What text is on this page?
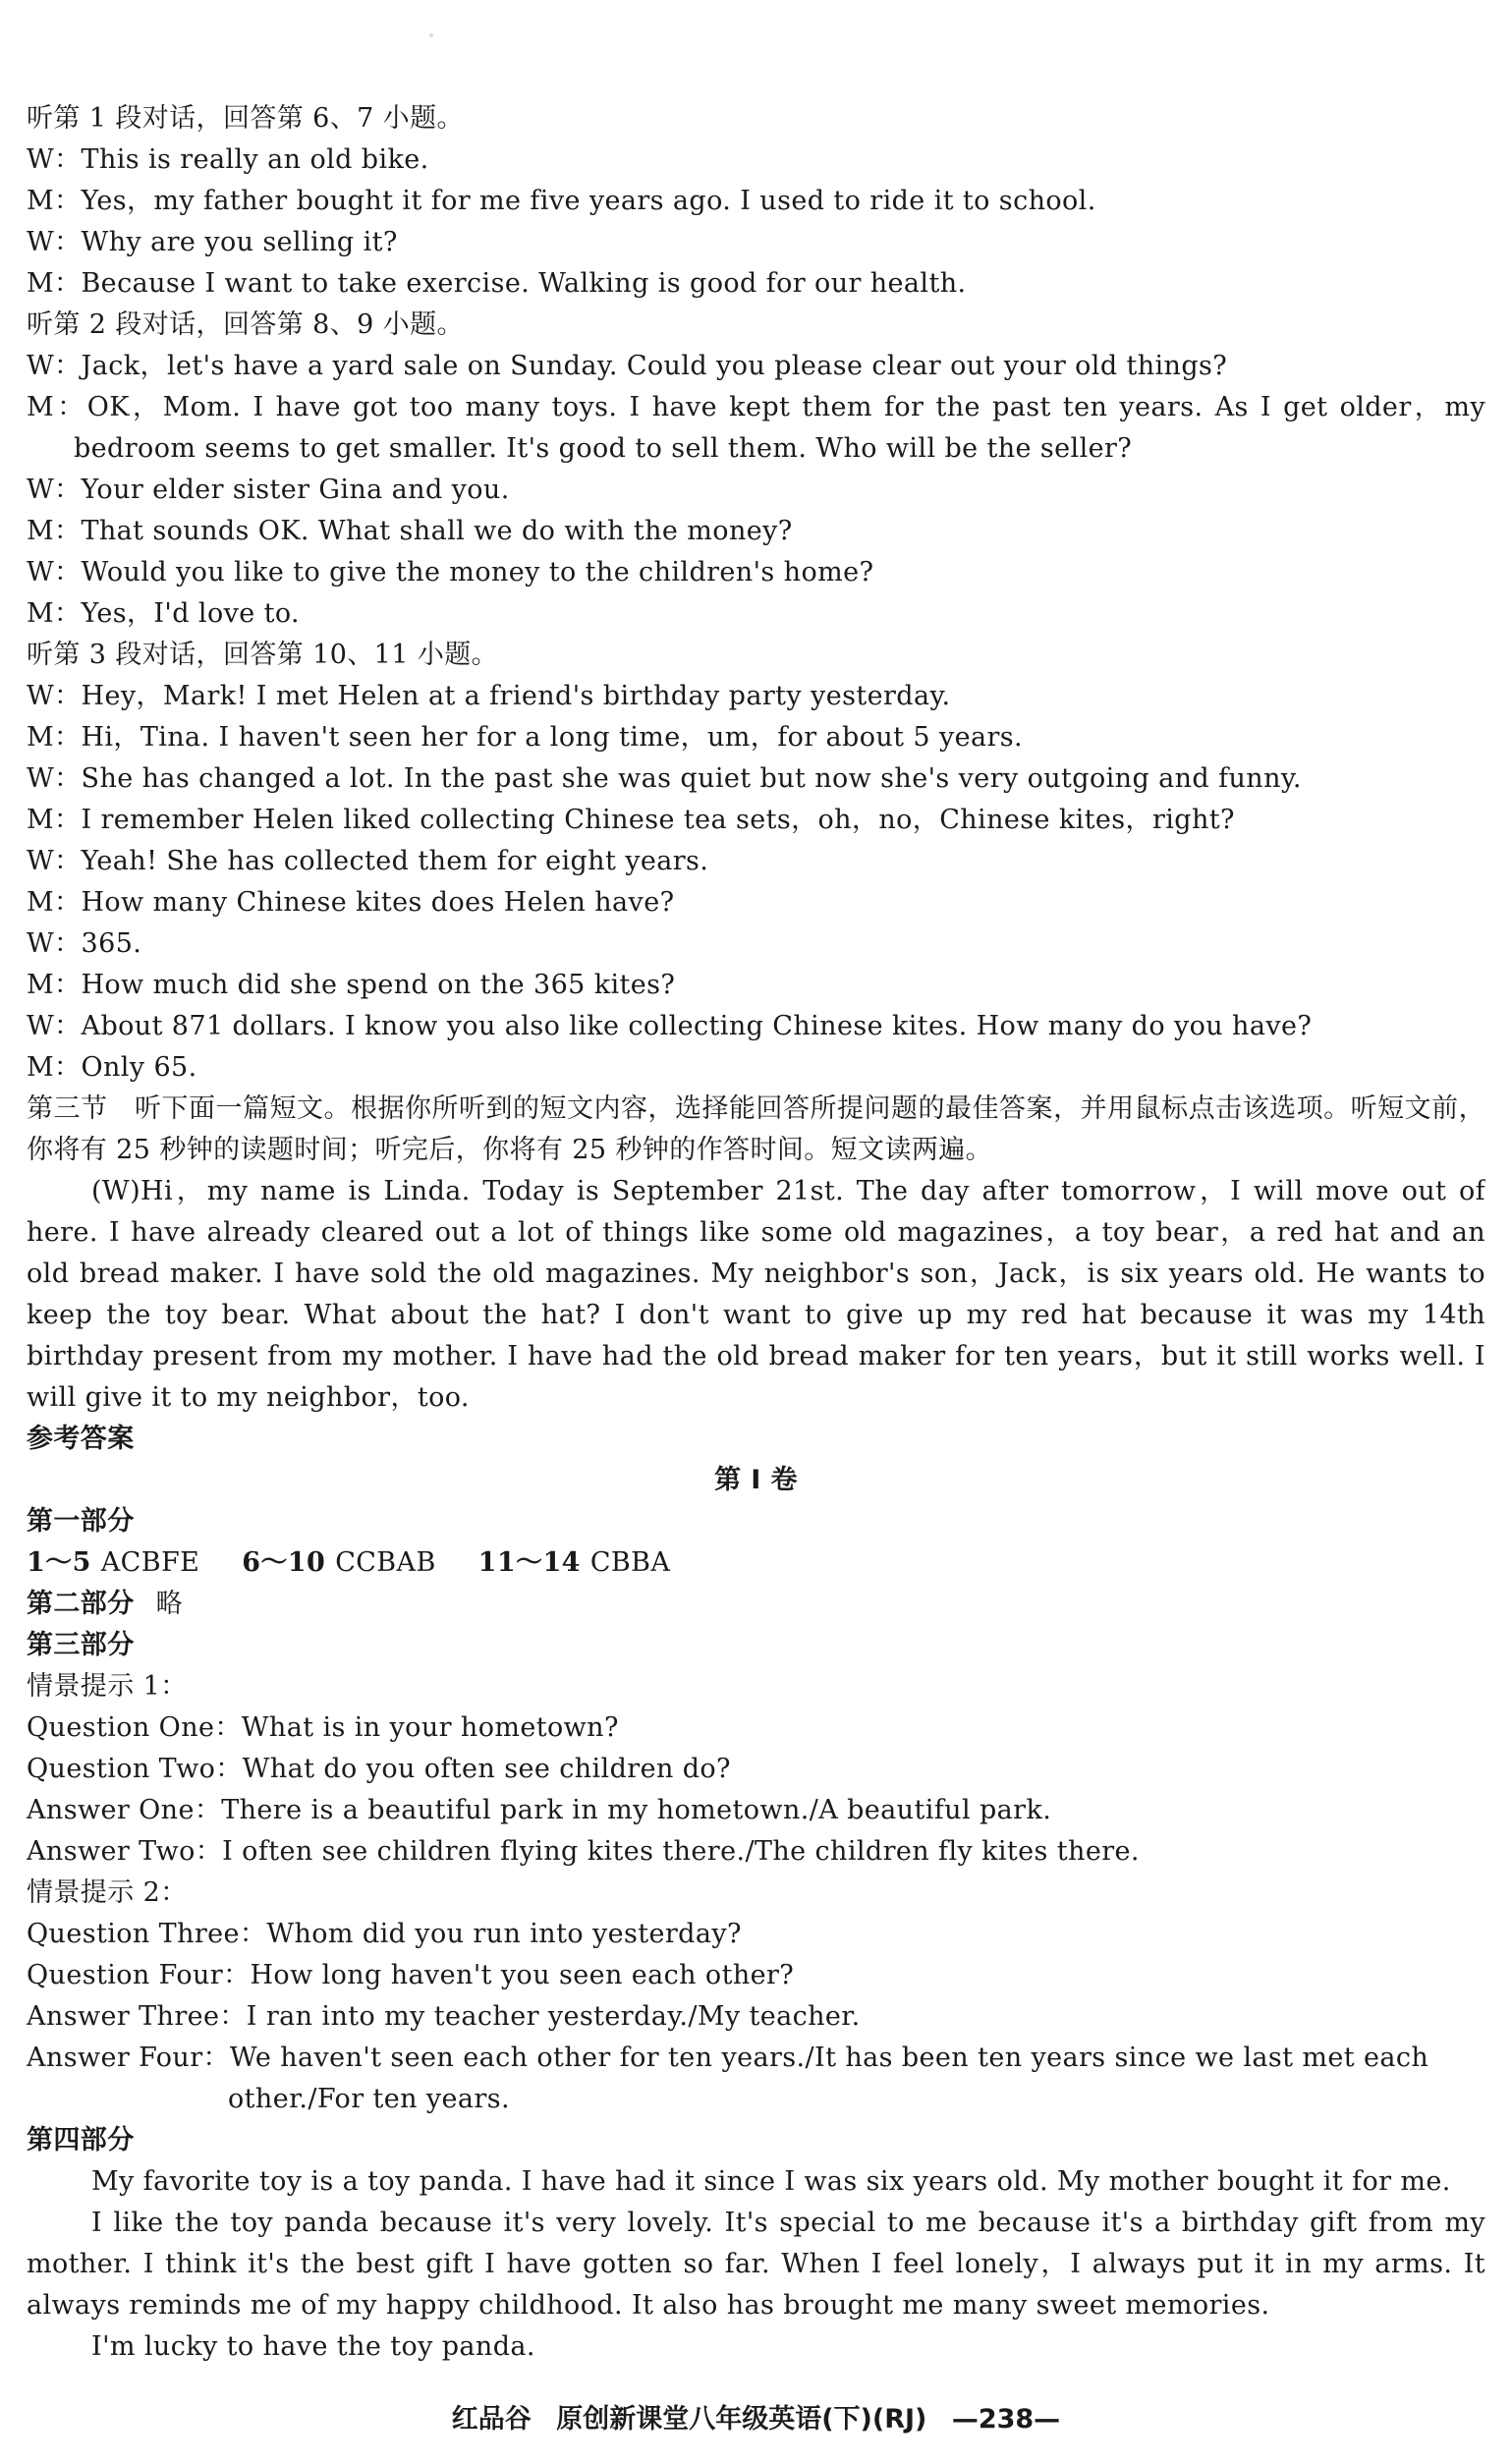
听第 1 段对话，回答第 6、7 小题。
W：This is really an old bike.
M：Yes，my father bought it for me five years ago. I used to ride it to school.
W：Why are you selling it?
M：Because I want to take exercise. Walking is good for our health.
听第 2 段对话，回答第 8、9 小题。
W：Jack，let's have a yard sale on Sunday. Could you please clear out your old things?
M：OK，Mom. I have got too many toys. I have kept them for the past ten years. As I get older，my bedroom seems to get smaller. It's good to sell them. Who will be the seller?
W：Your elder sister Gina and you.
M：That sounds OK. What shall we do with the money?
W：Would you like to give the money to the children's home?
M：Yes，I'd love to.
听第 3 段对话，回答第 10、11 小题。
W：Hey，Mark! I met Helen at a friend's birthday party yesterday.
M：Hi，Tina. I haven't seen her for a long time，um，for about 5 years.
W：She has changed a lot. In the past she was quiet but now she's very outgoing and funny.
M：I remember Helen liked collecting Chinese tea sets，oh，no，Chinese kites，right?
W：Yeah! She has collected them for eight years.
M：How many Chinese kites does Helen have?
W：365.
M：How much did she spend on the 365 kites?
W：About 871 dollars. I know you also like collecting Chinese kites. How many do you have?
M：Only 65.
第三节　听下面一篇短文。根据你所听到的短文内容，选择能回答所提问题的最佳答案，并用鼠标点击该选项。听短文前，你将有 25 秒钟的读题时间；听完后，你将有 25 秒钟的作答时间。短文读两遍。
(W)Hi，my name is Linda. Today is September 21st. The day after tomorrow，I will move out of here. I have already cleared out a lot of things like some old magazines，a toy bear，a red hat and an old bread maker. I have sold the old magazines. My neighbor's son，Jack，is six years old. He wants to keep the toy bear. What about the hat? I don't want to give up my red hat because it was my 14th birthday present from my mother. I have had the old bread maker for ten years，but it still works well. I will give it to my neighbor，too.
参考答案
第 Ⅰ 卷
第一部分
1～5 ACBFE 6～10 CCBAB 11～14 CBBA
第二部分 略
第三部分
情景提示 1：
Question One：What is in your hometown?
Question Two：What do you often see children do?
Answer One：There is a beautiful park in my hometown./A beautiful park.
Answer Two：I often see children flying kites there./The children fly kites there.
情景提示 2：
Question Three：Whom did you run into yesterday?
Question Four：How long haven't you seen each other?
Answer Three：I ran into my teacher yesterday./My teacher.
Answer Four：We haven't seen each other for ten years./It has been ten years since we last met each
other./For ten years.
第四部分
My favorite toy is a toy panda. I have had it since I was six years old. My mother bought it for me.
I like the toy panda because it's very lovely. It's special to me because it's a birthday gift from my mother. I think it's the best gift I have gotten so far. When I feel lonely，I always put it in my arms. It always reminds me of my happy childhood. It also has brought me many sweet memories.
I'm lucky to have the toy panda.
红品谷 原创新课堂八年级英语(下)(RJ) —238—
